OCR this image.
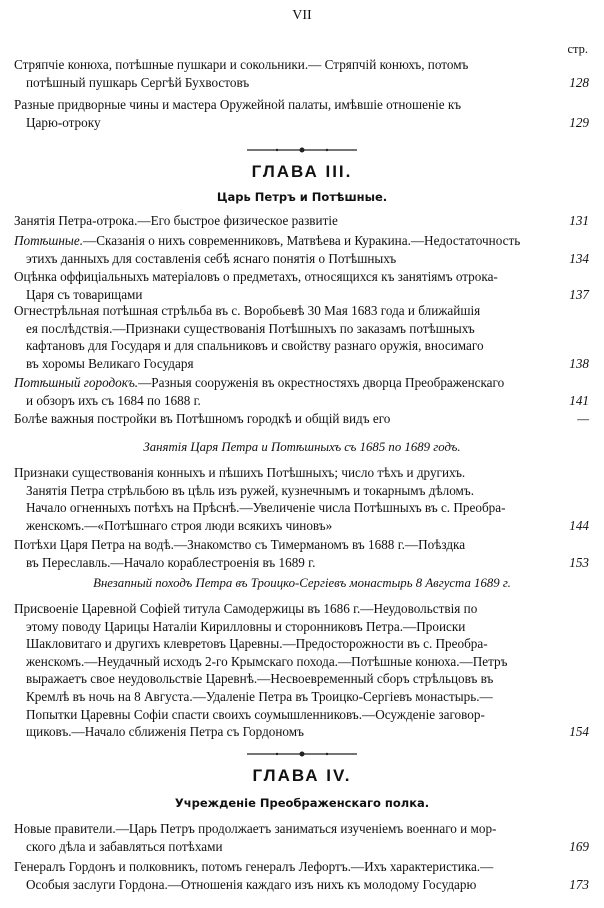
VII
стр.
Стряпчіе конюха, потѣшные пушкари и сокольники.— Стряпчій конюхъ, потомъ
потѣшный пушкарь Сергѣй Бухвостовъ	128
Разные придворные чины и мастера Оружейной палаты, имѣвшіе отношеніе къ
Царю-отроку	129
ГЛАВА III.
Царь Петръ и Потѣшные.
Занятія Петра-отрока.—Его быстрое физическое развитіе	131
Потѣшные.—Сказанія о нихъ современниковъ, Матвѣева и Куракина.—Недостаточность
этихъ данныхъ для составленія себѣ яснаго понятія о Потѣшныхъ	134
Оцѣнка оффиціальныхъ матеріаловъ о предметахъ, относящихся къ занятіямъ отрока-
Царя съ товарищами	137
Огнестрѣльная потѣшная стрѣльба въ с. Воробьевѣ 30 Мая 1683 года и ближайшія
ея послѣдствія.—Признаки существованія Потѣшныхъ по заказамъ потѣшныхъ
кафтановъ для Государя и для спальниковъ и свойству разнаго оружія, вносимаго
въ хоромы Великаго Государя	138
Потѣшный городокъ.—Разныя сооруженія въ окрестностяхъ дворца Преображенскаго
и обзоръ ихъ съ 1684 по 1688 г.	141
Болѣе важныя постройки въ Потѣшномъ городкѣ и общій видъ его	—
Занятія Царя Петра и Потѣшныхъ съ 1685 по 1689 годъ.
Признаки существованія конныхъ и пѣшихъ Потѣшныхъ; число тѣхъ и другихъ.
Занятія Петра стрѣльбою въ цѣль изъ ружей, кузнечнымъ и токарнымъ дѣломъ.
Начало огненныхъ потѣхъ на Прѣснѣ.—Увеличеніе числа Потѣшныхъ въ с. Преобра-
женскомъ.—«Потѣшнаго строя люди всякихъ чиновъ»	144
Потѣхи Царя Петра на водѣ.—Знакомство съ Тимерманомъ въ 1688 г.—Поѣздка
въ Переславль.—Начало кораблестроенія въ 1689 г.	153
Внезапный походъ Петра въ Троицко-Сергіевъ монастырь 8 Августа 1689 г.
Присвоеніе Царевной Софіей титула Самодержицы въ 1686 г.—Неудовольствія по
этому поводу Царицы Наталіи Кирилловны и сторонниковъ Петра.—Происки
Шакловитаго и другихъ клевретовъ Царевны.—Предосторожности въ с. Преобра-
женскомъ.—Неудачный исходъ 2-го Крымскаго похода.—Потѣшные конюха.—Петръ
выражаетъ свое неудовольствіе Царевнѣ.—Несвоевременный сборъ стрѣльцовъ въ
Кремлѣ въ ночь на 8 Августа.—Удаленіе Петра въ Троицко-Сергіевъ монастырь.—
Попытки Царевны Софіи спасти своихъ соумышленниковъ.—Осужденіе заговор-
щиковъ.—Начало сближенія Петра съ Гордономъ	154
ГЛАВА IV.
Учрежденіе Преображенскаго полка.
Новые правители.—Царь Петръ продолжаетъ заниматься изученіемъ военнаго и мор-
ского дѣла и забавляться потѣхами	169
Генералъ Гордонъ и полковникъ, потомъ генералъ Лефортъ.—Ихъ характеристика.—
Особыя заслуги Гордона.—Отношенія каждаго изъ нихъ къ молодому Государю	173
